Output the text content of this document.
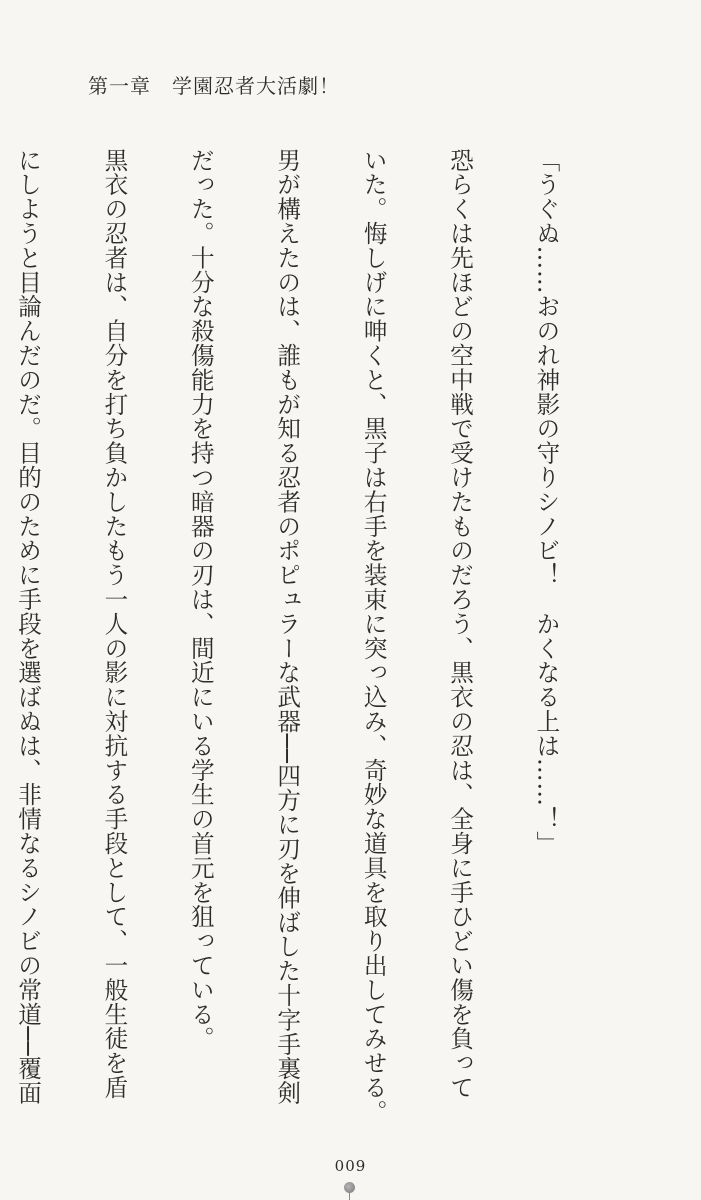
第一章　学園忍者大活劇！

「うぐぬ……おのれ神影の守りシノビ！　かくなる上は……！」

恐らくは先ほどの空中戦で受けたものだろう、黒衣の忍は、全身に手ひどい傷を負って

いた。悔しげに呻くと、黒子は右手を装束に突っ込み、奇妙な道具を取り出してみせる。

男が構えたのは、誰もが知る忍者のポピュラーな武器──四方に刃を伸ばした十字手裏剣

だった。十分な殺傷能力を持つ暗器の刃は、間近にいる学生の首元を狙っている。

黒衣の忍者は、自分を打ち負かしたもう一人の影に対抗する手段として、一般生徒を盾

にしようと目論んだのだ。目的のために手段を選ばぬは、非情なるシノビの常道──覆面

009
